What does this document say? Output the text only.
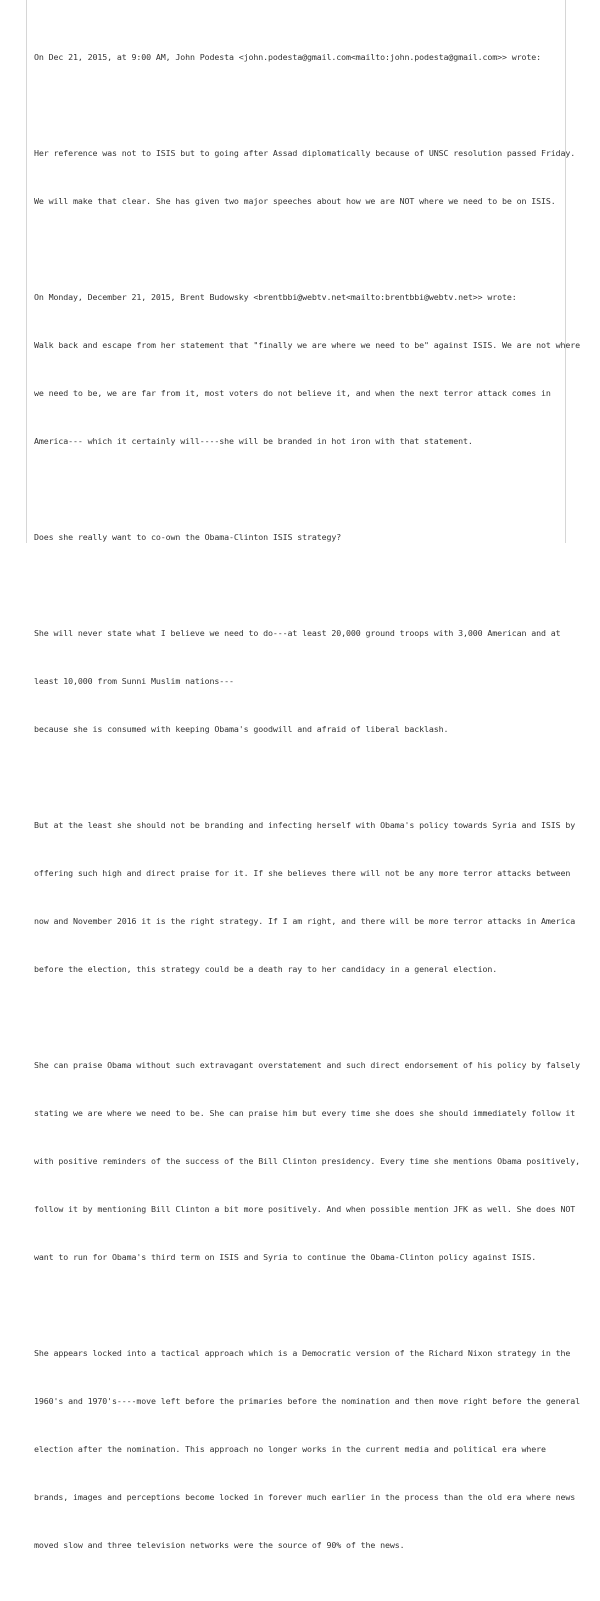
On Dec 21, 2015, at 9:00 AM, John Podesta <john.podesta@gmail.com<mailto:john.podesta@gmail.com>> wrote:

Her reference was not to ISIS but to going after Assad diplomatically because of UNSC resolution passed Friday.

We will make that clear. She has given two major speeches about how we are NOT where we need to be on ISIS.

On Monday, December 21, 2015, Brent Budowsky <brentbbi@webtv.net<mailto:brentbbi@webtv.net>> wrote:

Walk back and escape from her statement that "finally we are where we need to be" against ISIS. We are not where

we need to be, we are far from it, most voters do not believe it, and when the next terror attack comes in

America--- which it certainly will----she will be branded in hot iron with that statement.

Does she really want to co-own the Obama-Clinton ISIS strategy?

She will never state what I believe we need to do---at least 20,000 ground troops with 3,000 American and at

least 10,000 from Sunni Muslim nations---

because she is consumed with keeping Obama's goodwill and afraid of liberal backlash.

But at the least she should not be branding and infecting herself with Obama's policy towards Syria and ISIS by

offering such high and direct praise for it. If she believes there will not be any more terror attacks between

now and November 2016 it is the right strategy. If I am right, and there will be more terror attacks in America

before the election, this strategy could be a death ray to her candidacy in a general election.

She can praise Obama without such extravagant overstatement and such direct endorsement of his policy by falsely

stating we are where we need to be. She can praise him but every time she does she should immediately follow it

with positive reminders of the success of the Bill Clinton presidency. Every time she mentions Obama positively,

follow it by mentioning Bill Clinton a bit more positively. And when possible mention JFK as well. She does NOT

want to run for Obama's third term on ISIS and Syria to continue the Obama-Clinton policy against ISIS.

She appears locked into a tactical approach which is a Democratic version of the Richard Nixon strategy in the

1960's and 1970's----move left before the primaries before the nomination and then move right before the general

election after the nomination. This approach no longer works in the current media and political era where

brands, images and perceptions become locked in forever much earlier in the process than the old era where news

moved slow and three television networks were the source of 90% of the news.
